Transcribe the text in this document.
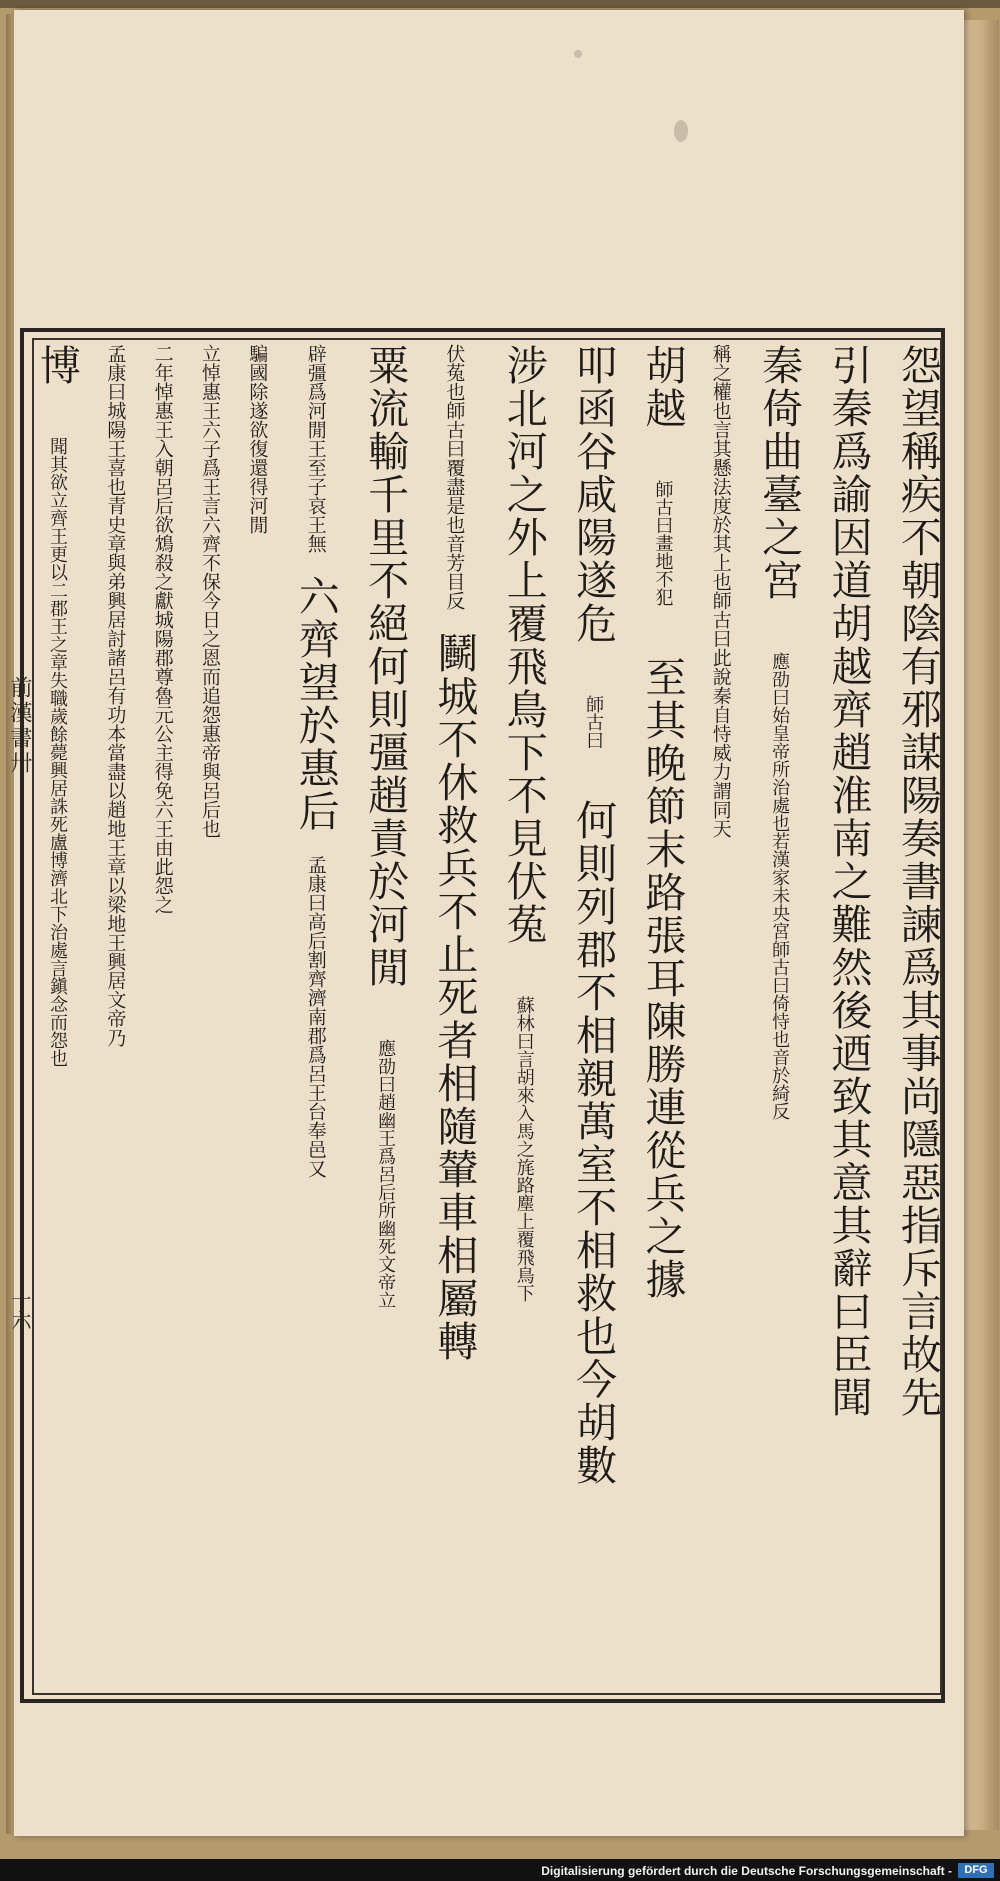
怨望稱疾不朝陰有邪謀陽奏書諫爲其事尚隱惡指斥言故先
引秦爲諭因道胡越齊趙淮南之難然後迺致其意其辭曰臣聞
秦倚曲臺之宮 應劭曰始皇帝所治處也若漢家未央宮師古曰倚恃也音於綺反
稱之權也言其懸法度於其上也師古曰此說秦自恃威力謂同天
胡越 師古曰畫地不犯 至其晚節末路張耳陳勝連從兵之據
叩函谷咸陽遂危 師古曰 何則列郡不相親萬室不相救也今胡數
涉北河之外上覆飛鳥下不見伏菟 蘇林曰言胡來入馬之旄路塵上覆飛鳥下
伏菟也師古曰覆盡是也音芳目反 鬭城不休救兵不止死者相隨輦車相屬轉
粟流輸千里不絕何則彊趙責於河閒 應劭曰趙幽王爲呂后所幽死文帝立
辟彊爲河閒王至子哀王無 六齊望於惠后 孟康曰高后割齊濟南郡爲呂王台奉邑又
騙國除遂欲復還得河閒
立悼惠王六子爲王言六齊不保今日之恩而追怨惠帝與呂后也
二年悼惠王入朝呂后欲鴆殺之獻城陽郡尊魯元公主得免六王由此怨之
孟康曰城陽王喜也青史章與弟興居討諸呂有功本當盡以趙地王章以梁地王興居文帝乃
博 聞其欲立齊王更以二郡王之章失職歲餘薨興居誅死盧博濟北下治處言鎭念而怨也
前漢書卅
十六
Digitalisierung gefördert durch die Deutsche Forschungsgemeinschaft -	DFG
